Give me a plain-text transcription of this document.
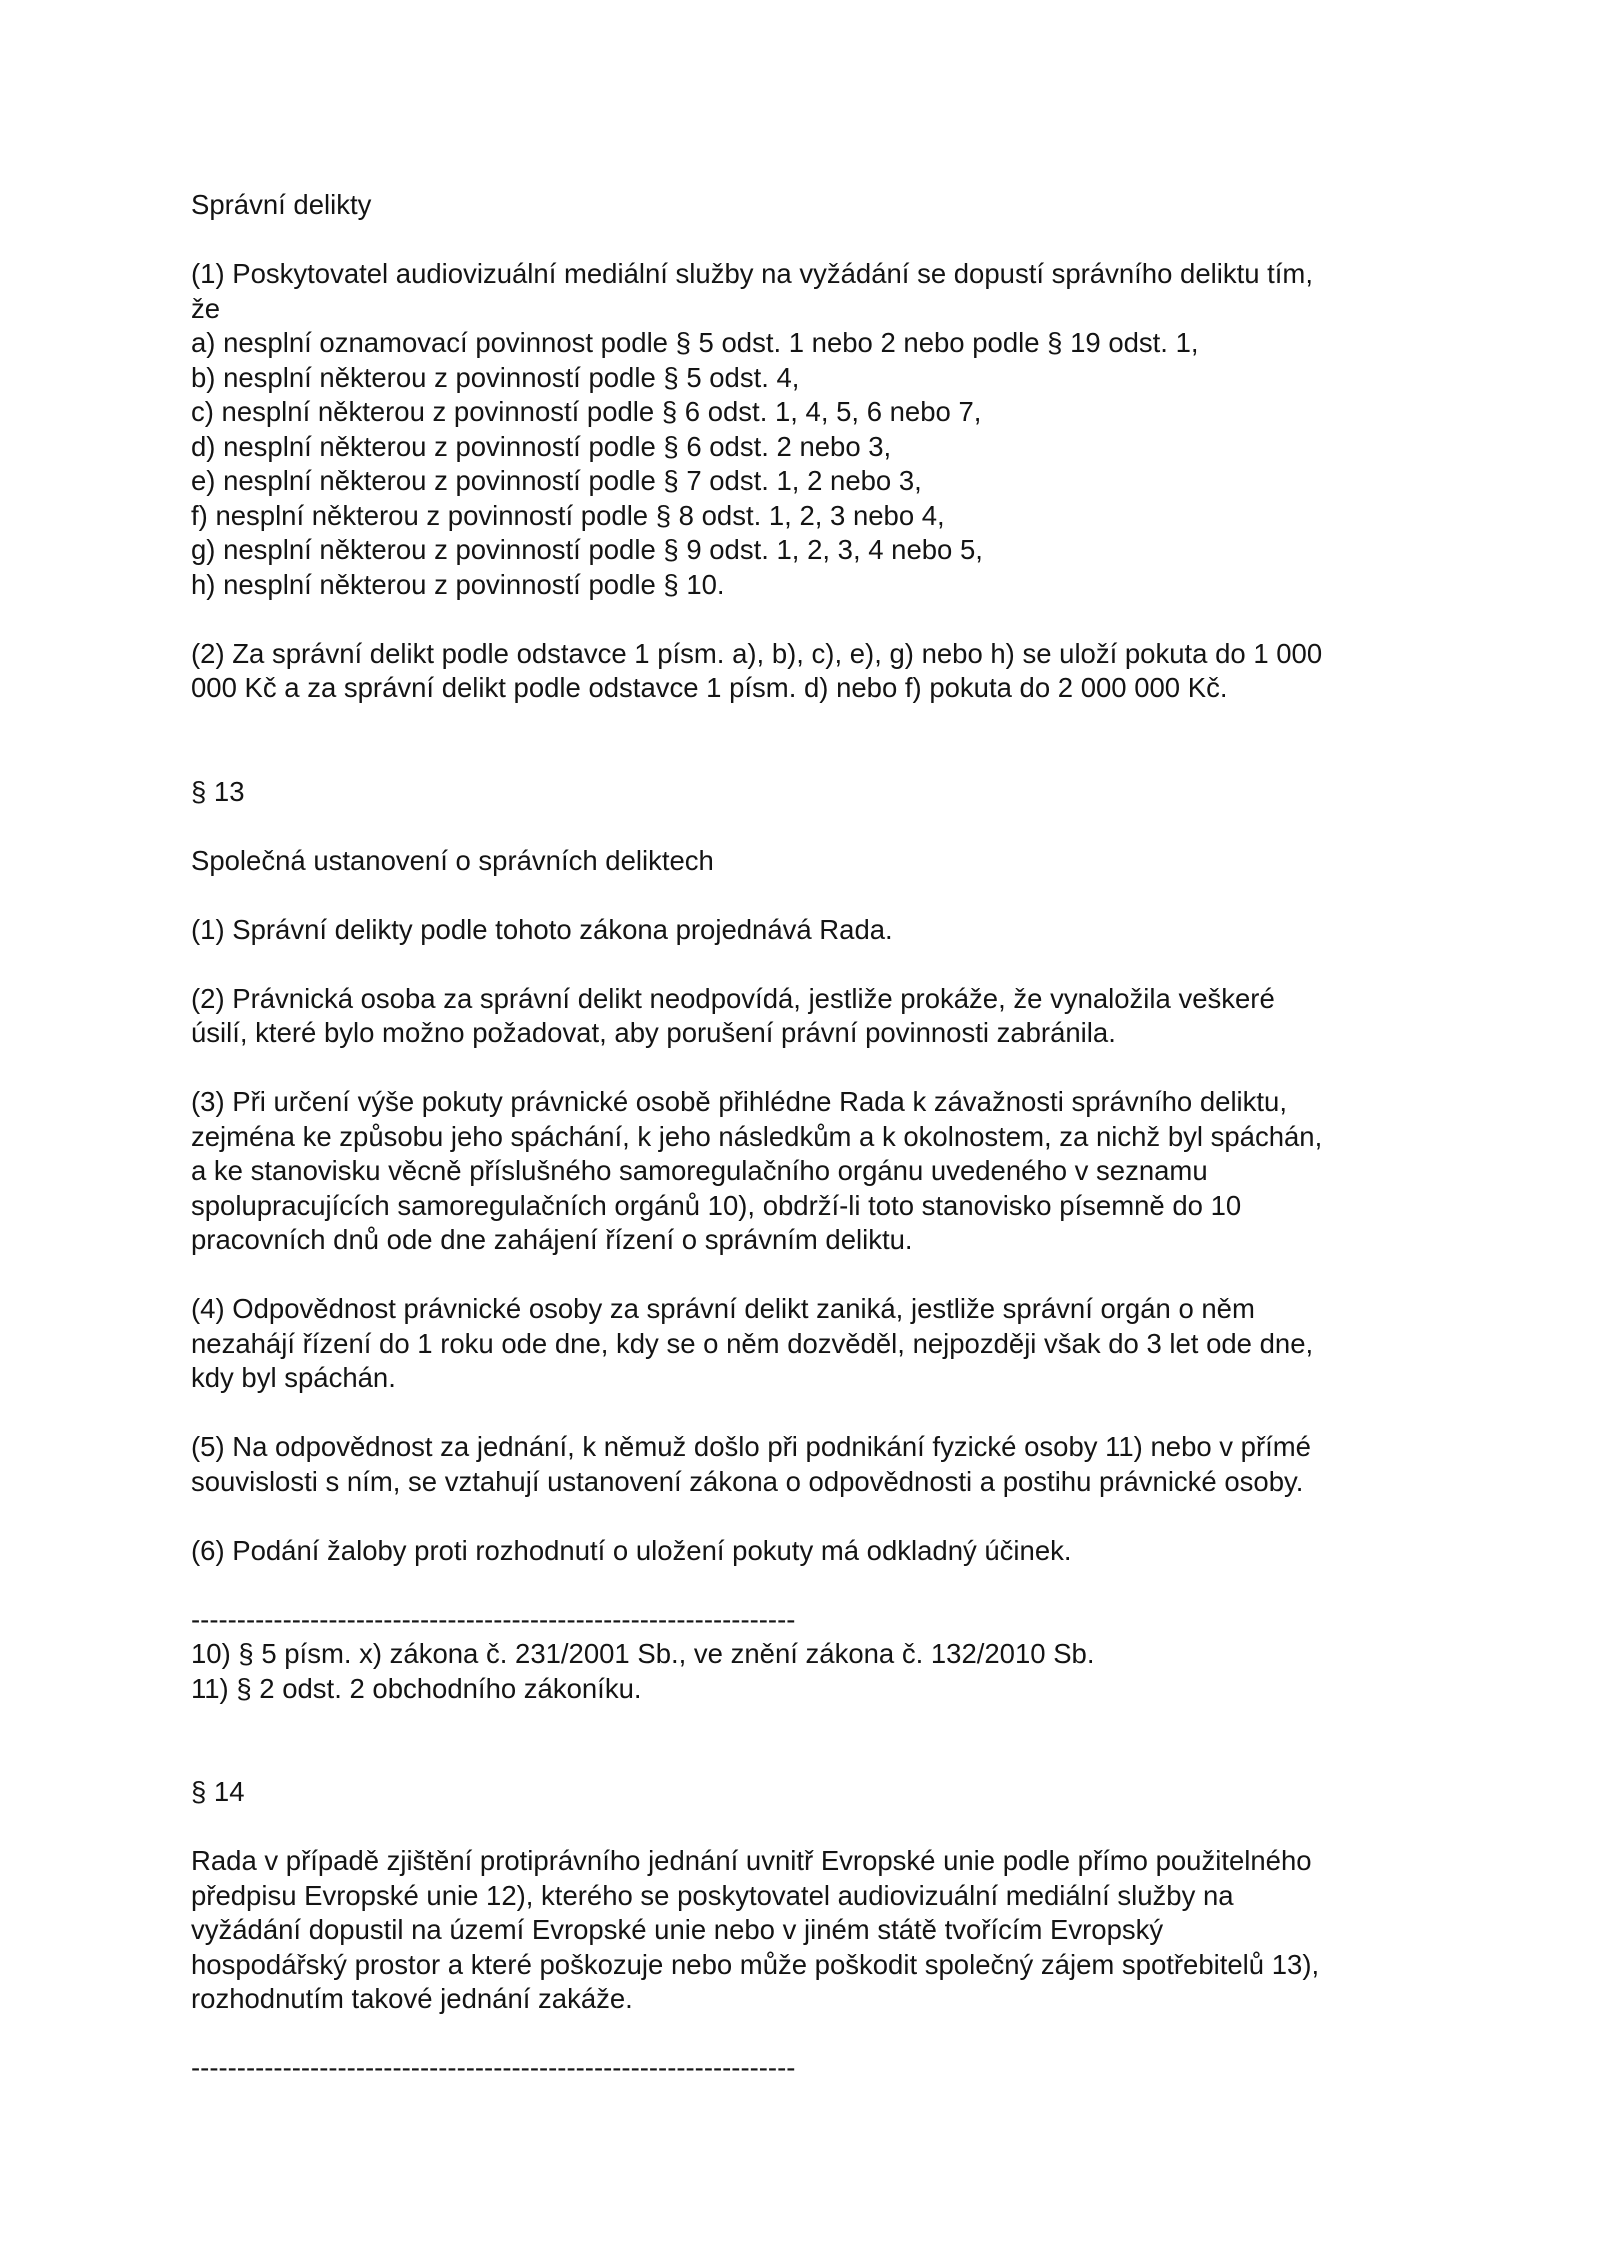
Správní delikty

(1) Poskytovatel audiovizuální mediální služby na vyžádání se dopustí správního deliktu tím,
že
a) nesplní oznamovací povinnost podle § 5 odst. 1 nebo 2 nebo podle § 19 odst. 1,
b) nesplní některou z povinností podle § 5 odst. 4,
c) nesplní některou z povinností podle § 6 odst. 1, 4, 5, 6 nebo 7,
d) nesplní některou z povinností podle § 6 odst. 2 nebo 3,
e) nesplní některou z povinností podle § 7 odst. 1, 2 nebo 3,
f) nesplní některou z povinností podle § 8 odst. 1, 2, 3 nebo 4,
g) nesplní některou z povinností podle § 9 odst. 1, 2, 3, 4 nebo 5,
h) nesplní některou z povinností podle § 10.

(2) Za správní delikt podle odstavce 1 písm. a), b), c), e), g) nebo h) se uloží pokuta do 1 000
000 Kč a za správní delikt podle odstavce 1 písm. d) nebo f) pokuta do 2 000 000 Kč.

§ 13

Společná ustanovení o správních deliktech

(1) Správní delikty podle tohoto zákona projednává Rada.

(2) Právnická osoba za správní delikt neodpovídá, jestliže prokáže, že vynaložila veškeré
úsilí, které bylo možno požadovat, aby porušení právní povinnosti zabránila.

(3) Při určení výše pokuty právnické osobě přihlédne Rada k závažnosti správního deliktu,
zejména ke způsobu jeho spáchání, k jeho následkům a k okolnostem, za nichž byl spáchán,
a ke stanovisku věcně příslušného samoregulačního orgánu uvedeného v seznamu
spolupracujících samoregulačních orgánů 10), obdrží-li toto stanovisko písemně do 10
pracovních dnů ode dne zahájení řízení o správním deliktu.

(4) Odpovědnost právnické osoby za správní delikt zaniká, jestliže správní orgán o něm
nezahájí řízení do 1 roku ode dne, kdy se o něm dozvěděl, nejpozději však do 3 let ode dne,
kdy byl spáchán.

(5) Na odpovědnost za jednání, k němuž došlo při podnikání fyzické osoby 11) nebo v přímé
souvislosti s ním, se vztahují ustanovení zákona o odpovědnosti a postihu právnické osoby.

(6) Podání žaloby proti rozhodnutí o uložení pokuty má odkladný účinek.

------------------------------------------------------------------
10) § 5 písm. x) zákona č. 231/2001 Sb., ve znění zákona č. 132/2010 Sb.
11) § 2 odst. 2 obchodního zákoníku.

§ 14

Rada v případě zjištění protiprávního jednání uvnitř Evropské unie podle přímo použitelného
předpisu Evropské unie 12), kterého se poskytovatel audiovizuální mediální služby na
vyžádání dopustil na území Evropské unie nebo v jiném státě tvořícím Evropský
hospodářský prostor a které poškozuje nebo může poškodit společný zájem spotřebitelů 13),
rozhodnutím takové jednání zakáže.

------------------------------------------------------------------
